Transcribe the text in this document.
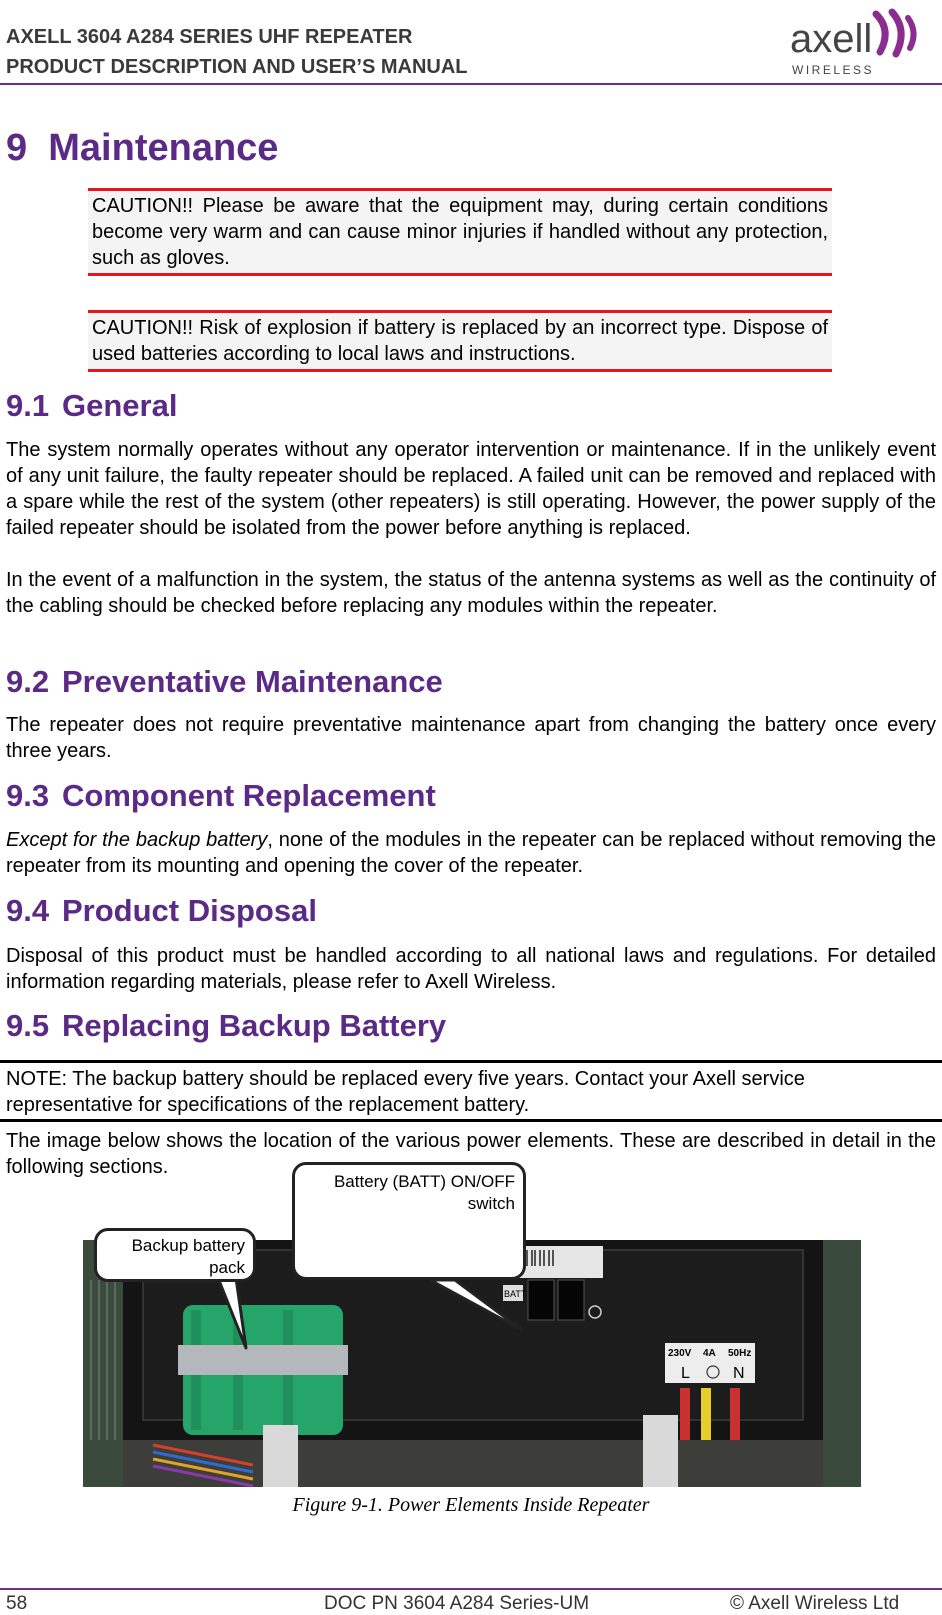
AXELL 3604 A284 SERIES UHF REPEATER
PRODUCT DESCRIPTION AND USER’S MANUAL
axell
WIRELESS
9 Maintenance
CAUTION!! Please be aware that the equipment may, during certain conditions become very warm and can cause minor injuries if handled without any protection, such as gloves.
CAUTION!! Risk of explosion if battery is replaced by an incorrect type. Dispose of used batteries according to local laws and instructions.
9.1 General
The system normally operates without any operator intervention or maintenance. If in the unlikely event of any unit failure, the faulty repeater should be replaced. A failed unit can be removed and replaced with a spare while the rest of the system (other repeaters) is still operating. However, the power supply of the failed repeater should be isolated from the power before anything is replaced.
In the event of a malfunction in the system, the status of the antenna systems as well as the continuity of the cabling should be checked before replacing any modules within the repeater.
9.2 Preventative Maintenance
The repeater does not require preventative maintenance apart from changing the battery once every three years.
9.3 Component Replacement
Except for the backup battery, none of the modules in the repeater can be replaced without removing the repeater from its mounting and opening the cover of the repeater.
9.4 Product Disposal
Disposal of this product must be handled according to all national laws and regulations. For detailed information regarding materials, please refer to Axell Wireless.
9.5 Replacing Backup Battery
NOTE: The backup battery should be replaced every five years. Contact your Axell service representative for specifications of the replacement battery.
The image below shows the location of the various power elements. These are described in detail in the following sections.
BATT
230V 4A 50Hz
L	N
Backup battery
pack
Battery (BATT) ON/OFF
switch
Figure 9-1. Power Elements Inside Repeater
58	DOC PN 3604 A284 Series-UM	© Axell Wireless Ltd
